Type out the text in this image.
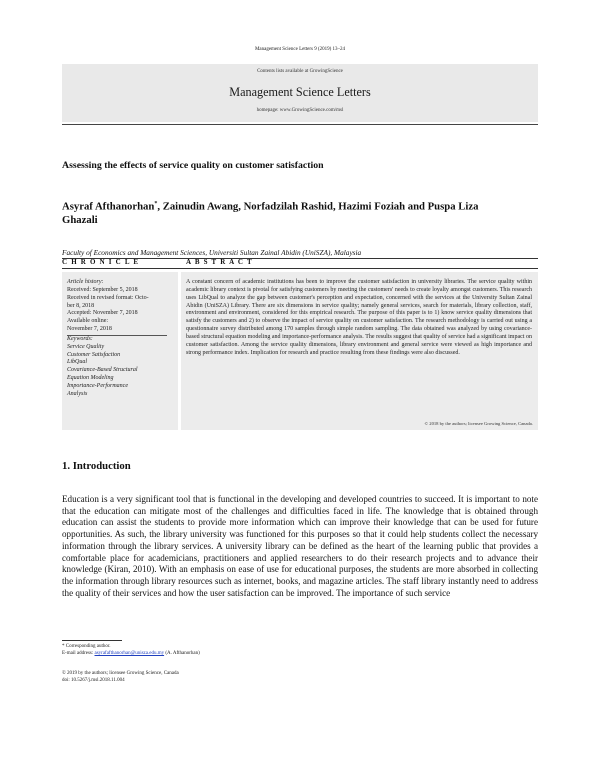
Management Science Letters 9 (2019) 13–24
Contents lists available at GrowingScience
Management Science Letters
homepage: www.GrowingScience.com/msl
Assessing the effects of service quality on customer satisfaction
Asyraf Afthanorhan*, Zainudin Awang, Norfadzilah Rashid, Hazimi Foziah and Puspa Liza Ghazali
Faculty of Economics and Management Sciences, Universiti Sultan Zainal Abidin (UniSZA), Malaysia
C H R O N I C L E	A B S T R A C T
Article history:
Received: September 5, 2018
Received in revised format: Octo-
ber 8, 2018
Accepted: November 7, 2018
Available online:
November 7, 2018
Keywords:
Service Quality
Customer Satisfaction
LibQual
Covariance-Based Structural
Equation Modeling
Importance-Performance
Analysis
A constant concern of academic institutions has been to improve the customer satisfaction in university libraries. The service quality within academic library context is pivotal for satisfying customers by meeting the customers' needs to create loyalty amongst customers. This research uses LibQual to analyze the gap between customer's perception and expectation, concerned with the services at the University Sultan Zainal Abidin (UniSZA) Library. There are six dimensions in service quality; namely general services, search for materials, library collection, staff, environment and environment, considered for this empirical research. The purpose of this paper is to 1) know service quality dimensions that satisfy the customers and 2) to observe the impact of service quality on customer satisfaction. The research methodology is carried out using a questionnaire survey distributed among 170 samples through simple random sampling. The data obtained was analyzed by using covariance-based structural equation modeling and importance-performance analysis. The results suggest that quality of service had a significant impact on customer satisfaction. Among the service quality dimensions, library environment and general service were viewed as high importance and strong performance index. Implication for research and practice resulting from these findings were also discussed.
© 2018 by the authors; licensee Growing Science, Canada.
1. Introduction
Education is a very significant tool that is functional in the developing and developed countries to succeed. It is important to note that the education can mitigate most of the challenges and difficulties faced in life. The knowledge that is obtained through education can assist the students to provide more information which can improve their knowledge that can be used for future opportunities. As such, the library university was functioned for this purposes so that it could help students collect the necessary information through the library services. A university library can be defined as the heart of the learning public that provides a comfortable place for academicians, practitioners and applied researchers to do their research projects and to advance their knowledge (Kiran, 2010). With an emphasis on ease of use for educational purposes, the students are more absorbed in collecting the information through library resources such as internet, books, and magazine articles. The staff library instantly need to address the quality of their services and how the user satisfaction can be improved. The importance of such service
* Corresponding author.
E-mail address: asyrafafthanorhan@unisza.edu.my (A. Afthanorhan)
© 2019 by the authors; licensee Growing Science, Canada
doi: 10.5267/j.msl.2018.11.004
